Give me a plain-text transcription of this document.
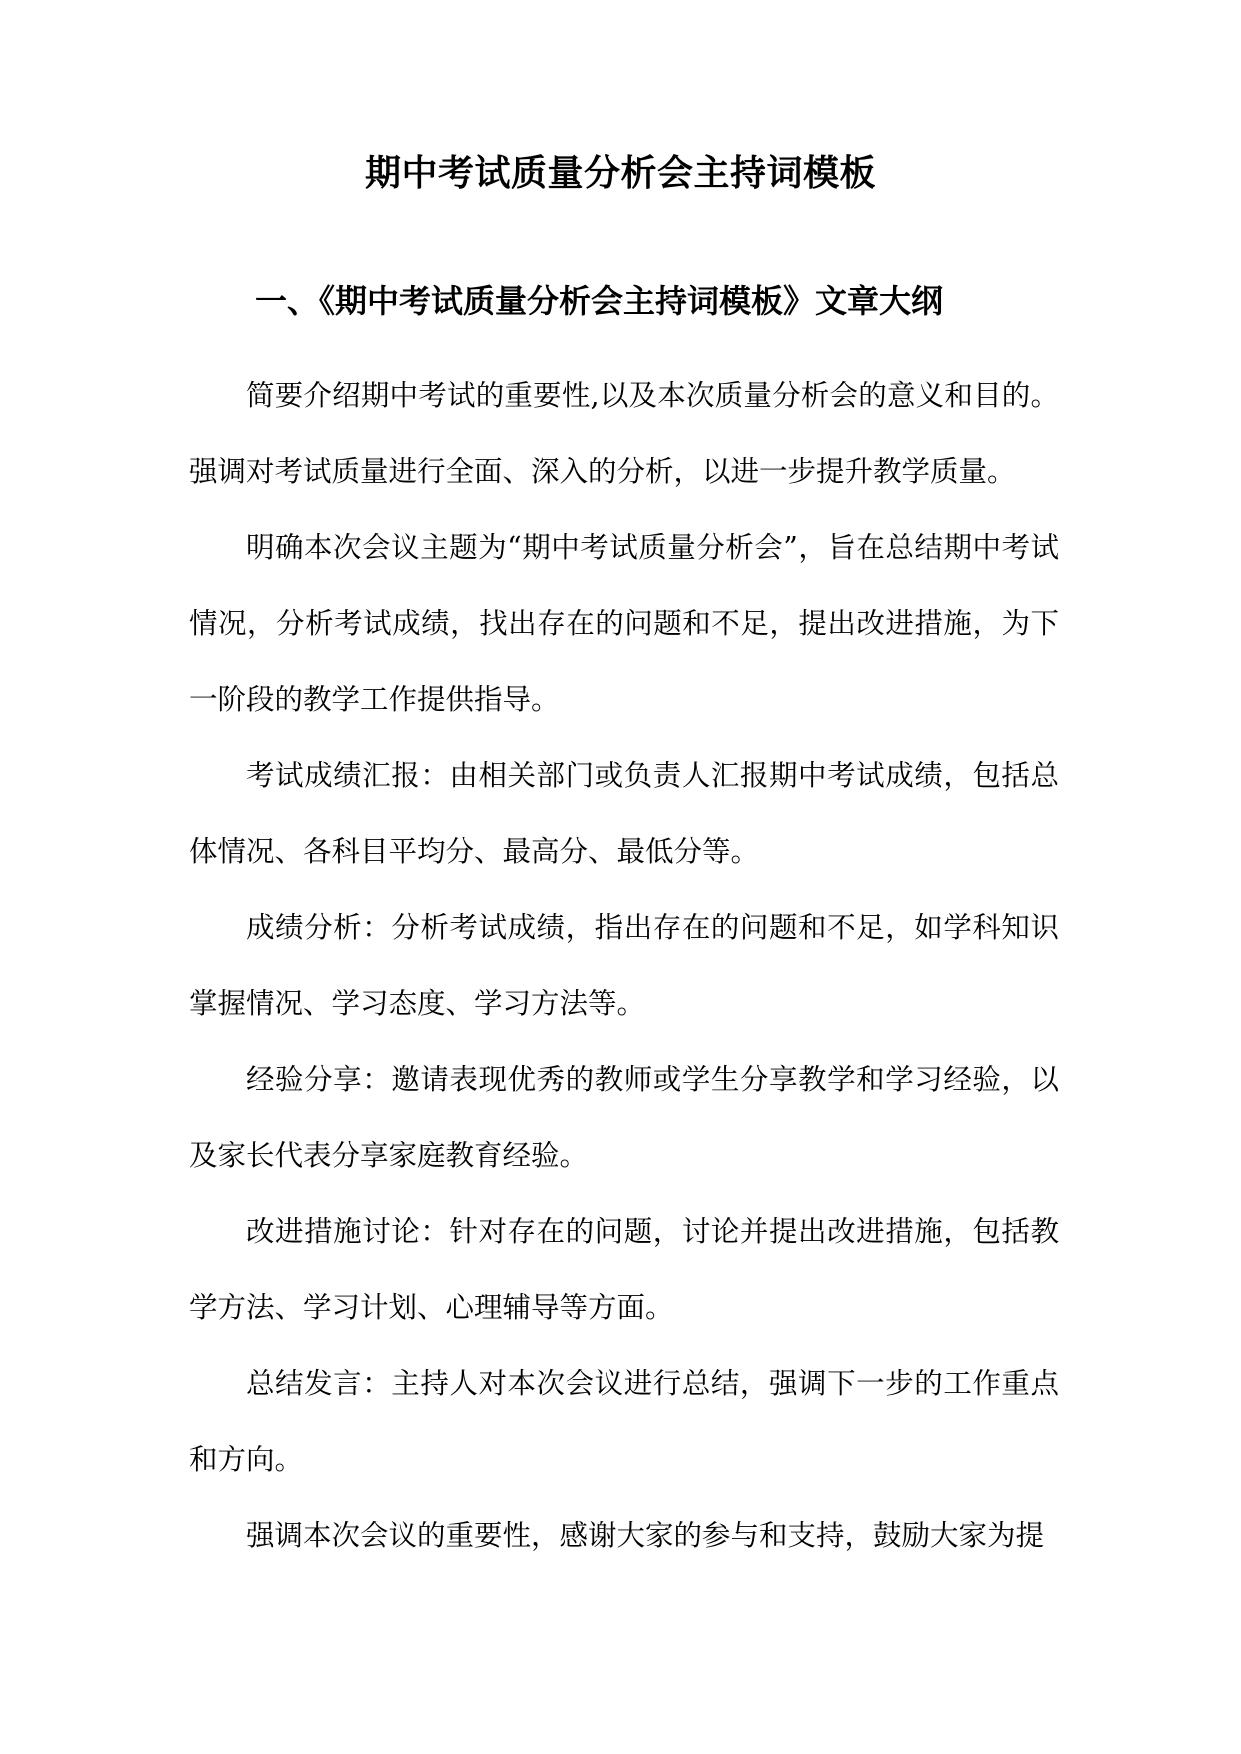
期中考试质量分析会主持词模板
一、《期中考试质量分析会主持词模板》文章大纲

简要介绍期中考试的重要性,以及本次质量分析会的意义和目的。强调对考试质量进行全面、深入的分析，以进一步提升教学质量。

明确本次会议主题为“期中考试质量分析会”，旨在总结期中考试情况，分析考试成绩，找出存在的问题和不足，提出改进措施，为下一阶段的教学工作提供指导。

考试成绩汇报：由相关部门或负责人汇报期中考试成绩，包括总体情况、各科目平均分、最高分、最低分等。

成绩分析：分析考试成绩，指出存在的问题和不足，如学科知识掌握情况、学习态度、学习方法等。

经验分享：邀请表现优秀的教师或学生分享教学和学习经验，以及家长代表分享家庭教育经验。

改进措施讨论：针对存在的问题，讨论并提出改进措施，包括教学方法、学习计划、心理辅导等方面。

总结发言：主持人对本次会议进行总结，强调下一步的工作重点和方向。

强调本次会议的重要性，感谢大家的参与和支持，鼓励大家为提
